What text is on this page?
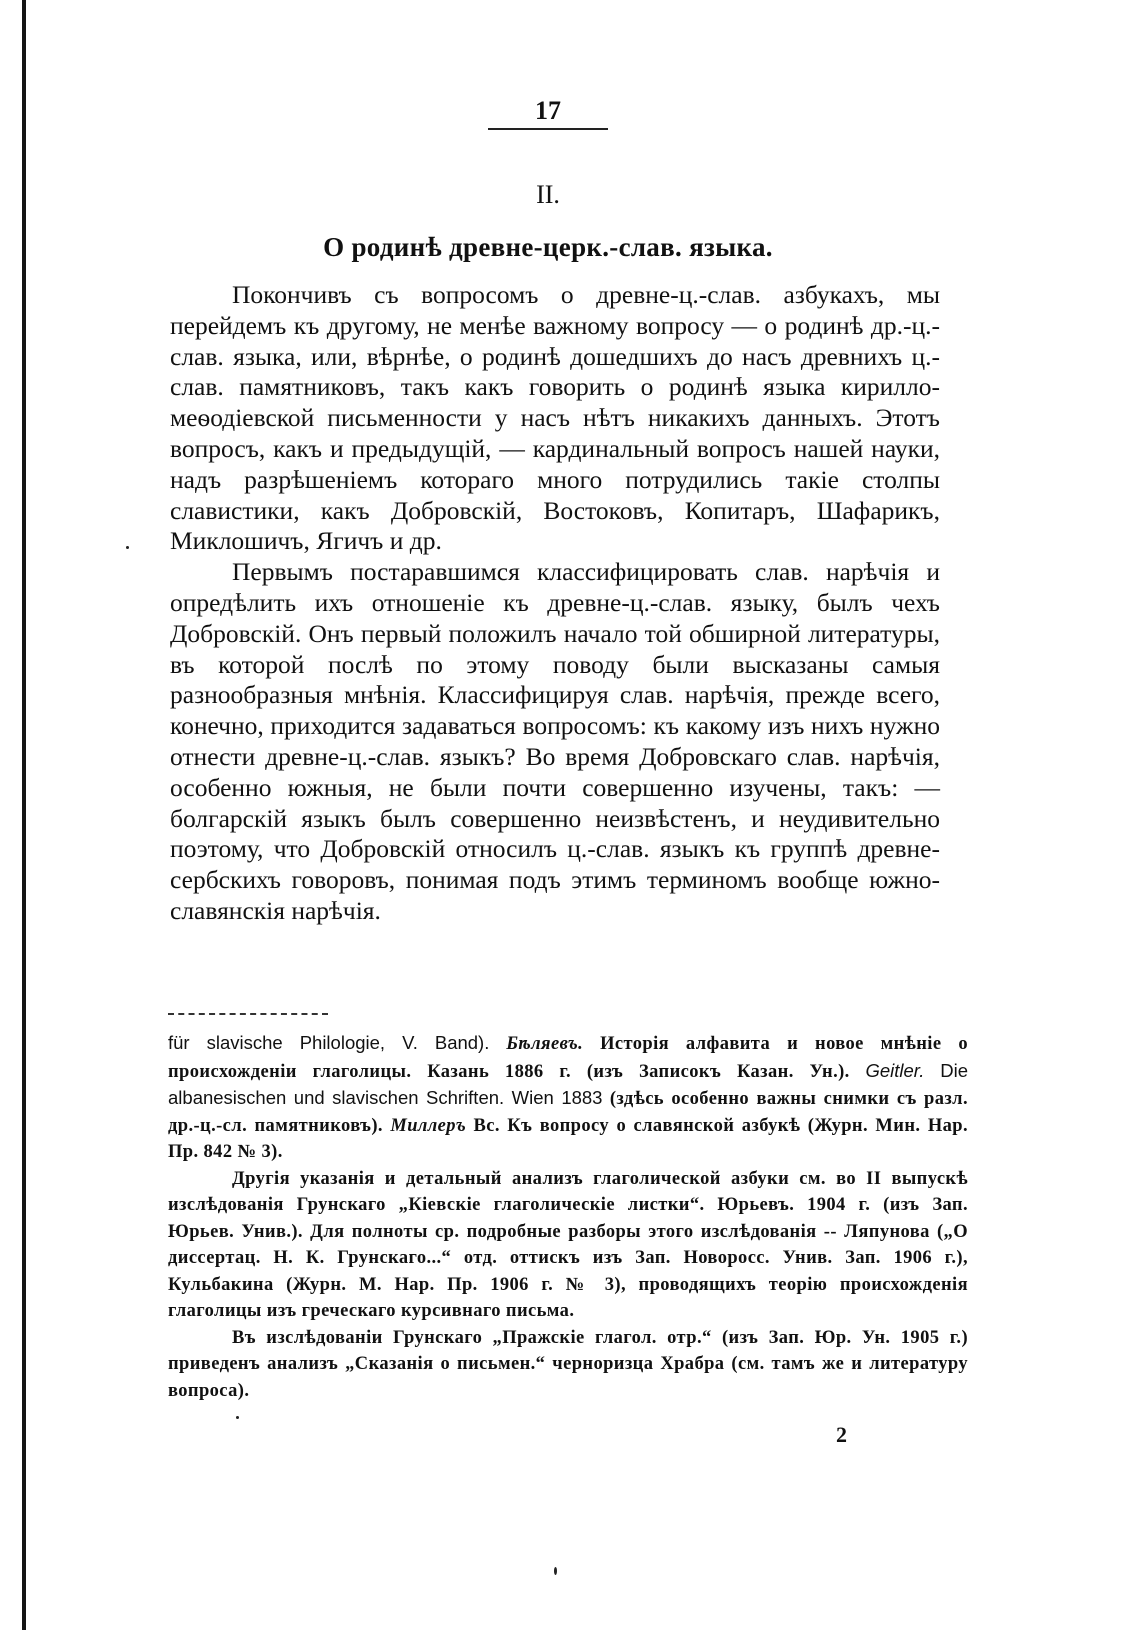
17
II.
О родинѣ древне-церк.-слав. языка.

Покончивъ съ вопросомъ о древне-ц.-слав. азбукахъ, мы перейдемъ къ другому, не менѣе важному вопросу — о родинѣ др.-ц.-слав. языка, или, вѣрнѣе, о родинѣ дошедшихъ до насъ древнихъ ц.-слав. памятниковъ, такъ какъ говорить о родинѣ языка кирилло-меѳодіевской письменности у насъ нѣтъ никакихъ данныхъ. Этотъ вопросъ, какъ и предыдущій, — кардинальный вопросъ нашей науки, надъ разрѣшеніемъ котораго много потрудились такіе столпы славистики, какъ Добровскій, Востоковъ, Копитаръ, Шафарикъ, Миклошичъ, Ягичъ и др.

Первымъ постаравшимся классифицировать слав. нарѣчія и опредѣлить ихъ отношеніе къ древне-ц.-слав. языку, былъ чехъ Добровскій. Онъ первый положилъ начало той обширной литературы, въ которой послѣ по этому поводу были высказаны самыя разнообразныя мнѣнія. Классифицируя слав. нарѣчія, прежде всего, конечно, приходится задаваться вопросомъ: къ какому изъ нихъ нужно отнести древне-ц.-слав. языкъ? Во время Добровскаго слав. нарѣчія, особенно южныя, не были почти совершенно изучены, такъ: — болгарскій языкъ былъ совершенно неизвѣстенъ, и неудивительно поэтому, что Добровскій относилъ ц.-слав. языкъ къ группѣ древне-сербскихъ говоровъ, понимая подъ этимъ терминомъ вообще южно-славянскія нарѣчія.

für slavische Philologie, V. Band). Бѣляевъ. Исторія алфавита и новое мнѣніе о происхожденіи глаголицы. Казань 1886 г. (изъ Записокъ Казан. Ун.). Geitler. Die albanesischen und slavischen Schriften. Wien 1883 (здѣсь особенно важны снимки съ разл. др.-ц.-сл. памятниковъ). Миллеръ Вс. Къ вопросу о славянской азбукѣ (Журн. Мин. Нар. Пр. 842 № 3).

Другія указанія и детальный анализъ глаголической азбуки см. во II выпускѣ изслѣдованія Грунскаго „Кіевскіе глаголическіе листки“. Юрьевъ. 1904 г. (изъ Зап. Юрьев. Унив.). Для полноты ср. подробные разборы этого изслѣдованія -- Ляпунова („О диссертац. Н. К. Грунскаго...“ отд. оттискъ изъ Зап. Новоросс. Унив. Зап. 1906 г.), Кульбакина (Журн. М. Нар. Пр. 1906 г. № 3), проводящихъ теорію происхожденія глаголицы изъ греческаго курсивнаго письма.

Въ изслѣдованіи Грунскаго „Пражскіе глагол. отр.“ (изъ Зап. Юр. Ун. 1905 г.) приведенъ анализъ „Сказанія о письмен.“ черноризца Храбра (см. тамъ же и литературу вопроса).

2
